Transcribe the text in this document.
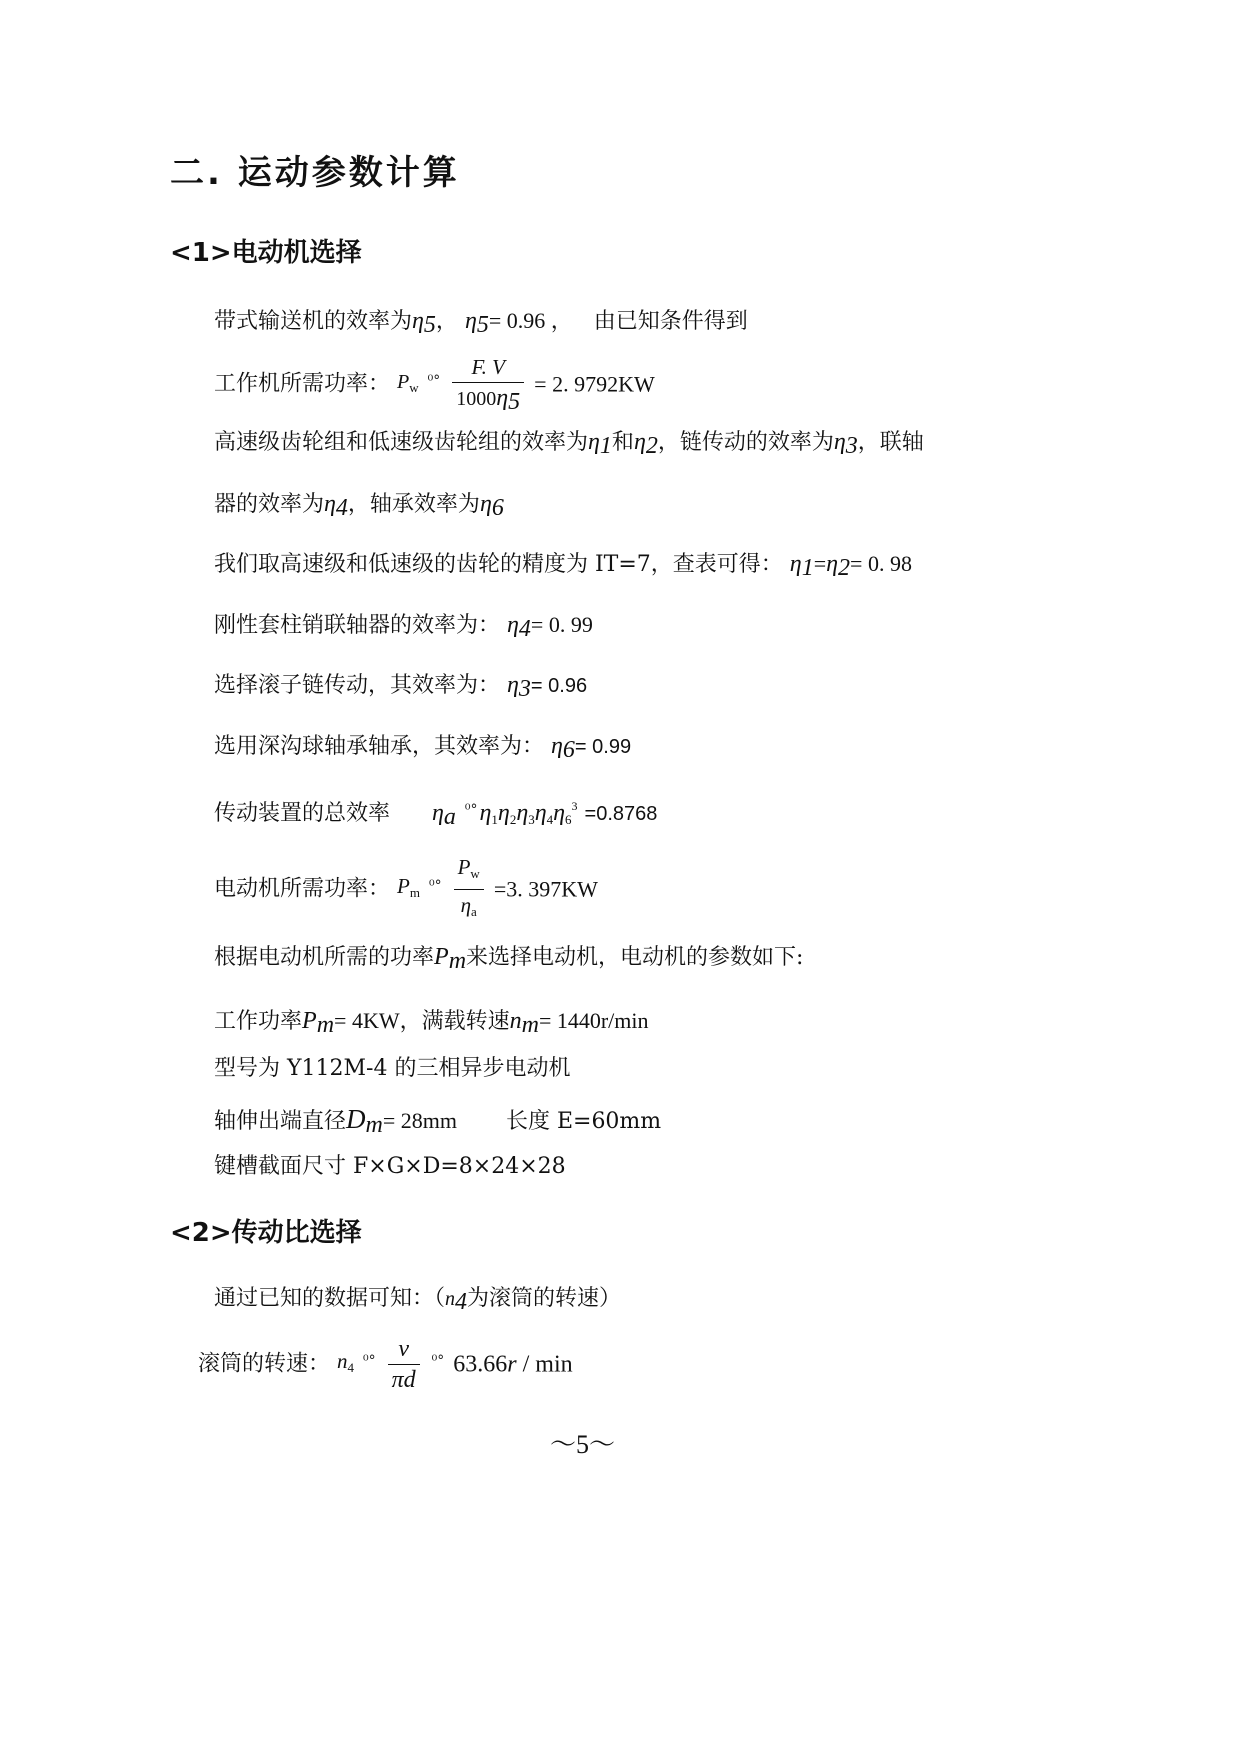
二. 运动参数计算
<1>电动机选择
带式输送机的效率为$\eta_5$， $\eta_5= 0.96$ ， 由已知条件得到
工作机所需功率： $P_w$ $^{^0^\circ} \frac{F. V}{1000\eta_5} = 2$. 9792KW
高速级齿轮组和低速级齿轮组的效率为$\eta_1$和$\eta_2$，链传动的效率为$\eta_3$，联轴
器的效率为$\eta_4$，轴承效率为$\eta_6$
我们取高速级和低速级的齿轮的精度为 IT=7，查表可得： $\eta_1=\eta_2= 0$. 98
刚性套柱销联轴器的效率为： $\eta_4= 0$. 99
选择滚子链传动，其效率为： $\eta_3= 0.96$
选用深沟球轴承轴承，其效率为： $\eta_6= 0.99$
传动装置的总效率 $\eta_a$ $^{^0^\circ}\eta_1\eta_2\eta_3\eta_4\eta_6^3 =0.8768$
电动机所需功率： $P_m$ $^{^0^\circ} \frac{P_w}{\eta_a} =3$. 397KW
根据电动机所需的功率$P_m$来选择电动机，电动机的参数如下:
工作功率$P_m= 4KW$，满载转速$n_m= 1440r/\min$
型号为 Y112M-4 的三相异步电动机
轴伸出端直径$D_m= 28mm$ 长度 E=60mm
键槽截面尺寸 F×G×D=8×24×28
<2>传动比选择
通过已知的数据可知：（$n_4$为滚筒的转速）
滚筒的转速： $n_4$ $^{^0^\circ} \frac{v}{\pi d} ^{^0^\circ}$ 63.66r / min
～5～
